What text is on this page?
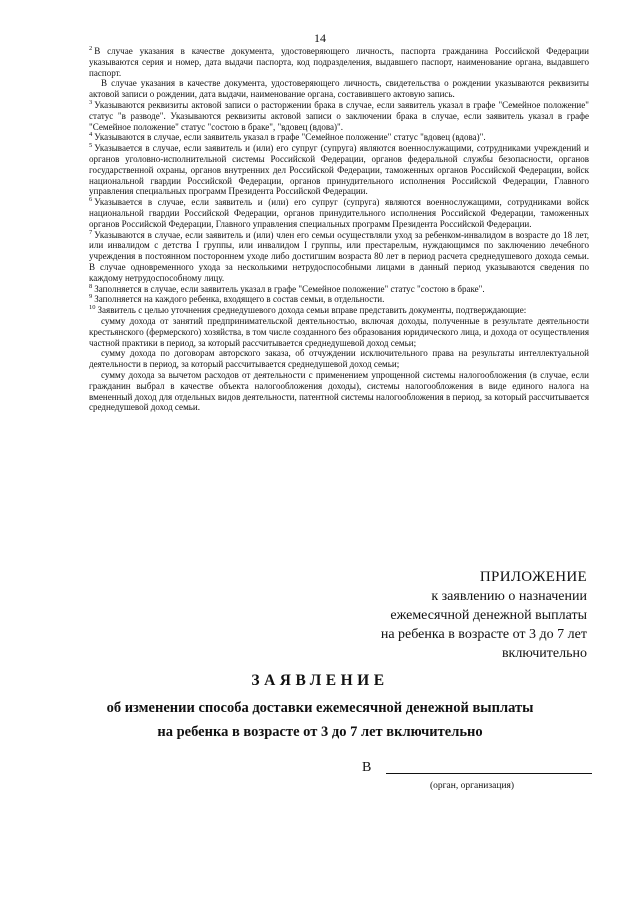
14
$^2$ В случае указания в качестве документа, удостоверяющего личность, паспорта гражданина Российской Федерации указываются серия и номер, дата выдачи паспорта, код подразделения, выдавшего паспорт, наименование органа, выдавшего паспорт.
В случае указания в качестве документа, удостоверяющего личность, свидетельства о рождении указываются реквизиты актовой записи о рождении, дата выдачи, наименование органа, составившего актовую запись.
$^3$ Указываются реквизиты актовой записи о расторжении брака в случае, если заявитель указал в графе "Семейное положение" статус "в разводе". Указываются реквизиты актовой записи о заключении брака в случае, если заявитель указал в графе "Семейное положение" статус "состою в браке", "вдовец (вдова)".
$^4$ Указываются в случае, если заявитель указал в графе "Семейное положение" статус "вдовец (вдова)".
$^5$ Указывается в случае, если заявитель и (или) его супруг (супруга) являются военнослужащими, сотрудниками учреждений и органов уголовно-исполнительной системы Российской Федерации, органов федеральной службы безопасности, органов государственной охраны, органов внутренних дел Российской Федерации, таможенных органов Российской Федерации, войск национальной гвардии Российской Федерации, органов принудительного исполнения Российской Федерации, Главного управления специальных программ Президента Российской Федерации.
$^6$ Указывается в случае, если заявитель и (или) его супруг (супруга) являются военнослужащими, сотрудниками войск национальной гвардии Российской Федерации, органов принудительного исполнения Российской Федерации, таможенных органов Российской Федерации, Главного управления специальных программ Президента Российской Федерации.
$^7$ Указываются в случае, если заявитель и (или) член его семьи осуществляли уход за ребенком-инвалидом в возрасте до 18 лет, или инвалидом с детства I группы, или инвалидом I группы, или престарелым, нуждающимся по заключению лечебного учреждения в постоянном постороннем уходе либо достигшим возраста 80 лет в период расчета среднедушевого дохода семьи. В случае одновременного ухода за несколькими нетрудоспособными лицами в данный период указываются сведения по каждому нетрудоспособному лицу.
$^8$ Заполняется в случае, если заявитель указал в графе "Семейное положение" статус "состою в браке".
$^9$ Заполняется на каждого ребенка, входящего в состав семьи, в отдельности.
$^{10}$ Заявитель с целью уточнения среднедушевого дохода семьи вправе представить документы, подтверждающие:
сумму дохода от занятий предпринимательской деятельностью, включая доходы, полученные в результате деятельности крестьянского (фермерского) хозяйства, в том числе созданного без образования юридического лица, и дохода от осуществления частной практики в период, за который рассчитывается среднедушевой доход семьи;
сумму дохода по договорам авторского заказа, об отчуждении исключительного права на результаты интеллектуальной деятельности в период, за который рассчитывается среднедушевой доход семьи;
сумму дохода за вычетом расходов от деятельности с применением упрощенной системы налогообложения (в случае, если гражданин выбрал в качестве объекта налогообложения доходы), системы налогообложения в виде единого налога на вмененный доход для отдельных видов деятельности, патентной системы налогообложения в период, за который рассчитывается среднедушевой доход семьи.
ПРИЛОЖЕНИЕ
к заявлению о назначении
ежемесячной денежной выплаты
на ребенка в возрасте от 3 до 7 лет
включительно
ЗАЯВЛЕНИЕ
об изменении способа доставки ежемесячной денежной выплаты
на ребенка в возрасте от 3 до 7 лет включительно
В
(орган, организация)
